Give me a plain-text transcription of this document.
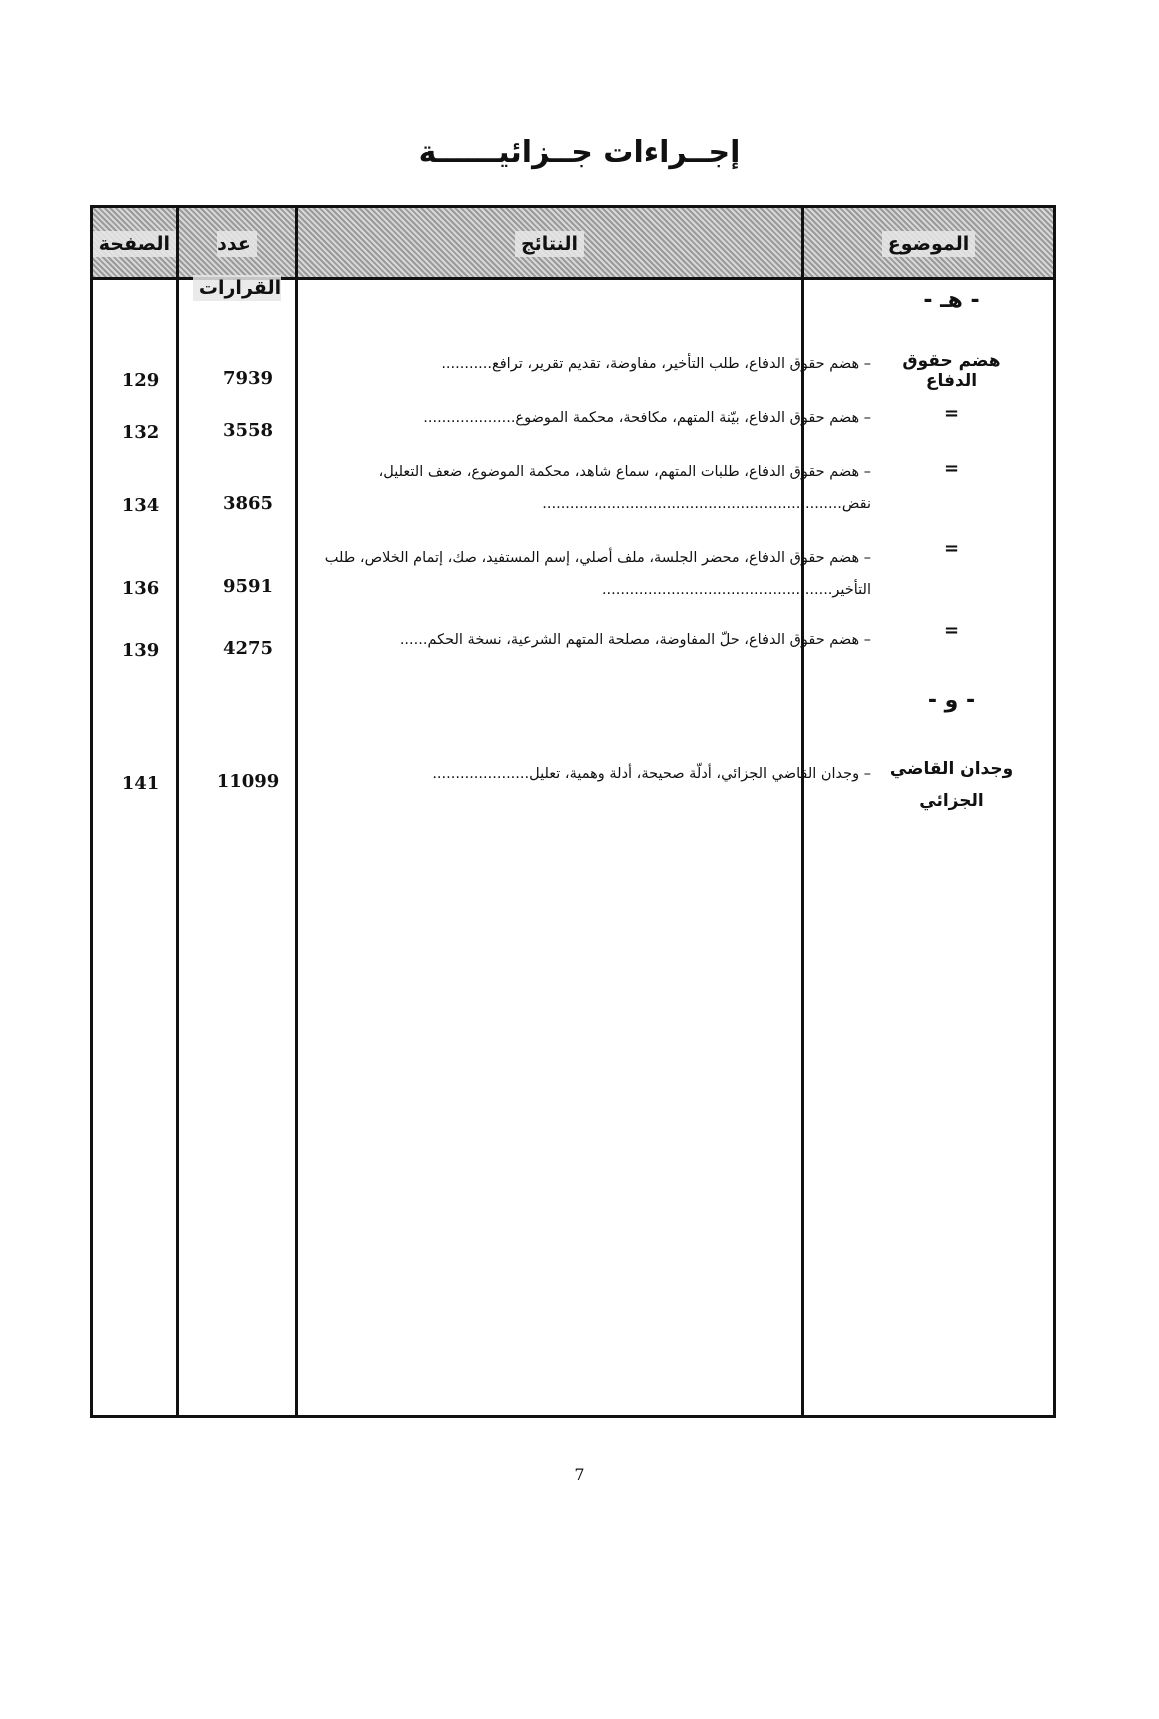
إجــراءات جــزائيــــــة
الصفحة	عدد القرارات
النتائج	الموضوع
- هـ -
هضم حقوق الدفاع
– هضم حقوق الدفاع، طلب التأخير، مفاوضة، تقديم تقرير، ترافع...........
7939
129
=
– هضم حقوق الدفاع، بيّنة المتهم، مكافحة، محكمة الموضوع....................
3558
132
=
– هضم حقوق الدفاع، طلبات المتهم، سماع شاهد، محكمة الموضوع، ضعف التعليل، نقض.................................................................
3865
134
=
– هضم حقوق الدفاع، محضر الجلسة، ملف أصلي، إسم المستفيد، صك، إتمام الخلاص، طلب التأخير..................................................
9591
136
=
– هضم حقوق الدفاع، حلّ المفاوضة، مصلحة المتهم الشرعية، نسخة الحكم......
4275
139
- و -
وجدان القاضي الجزائي
– وجدان القاضي الجزائي، أدلّة صحيحة، أدلة وهمية، تعليل.....................
11099
141
7
